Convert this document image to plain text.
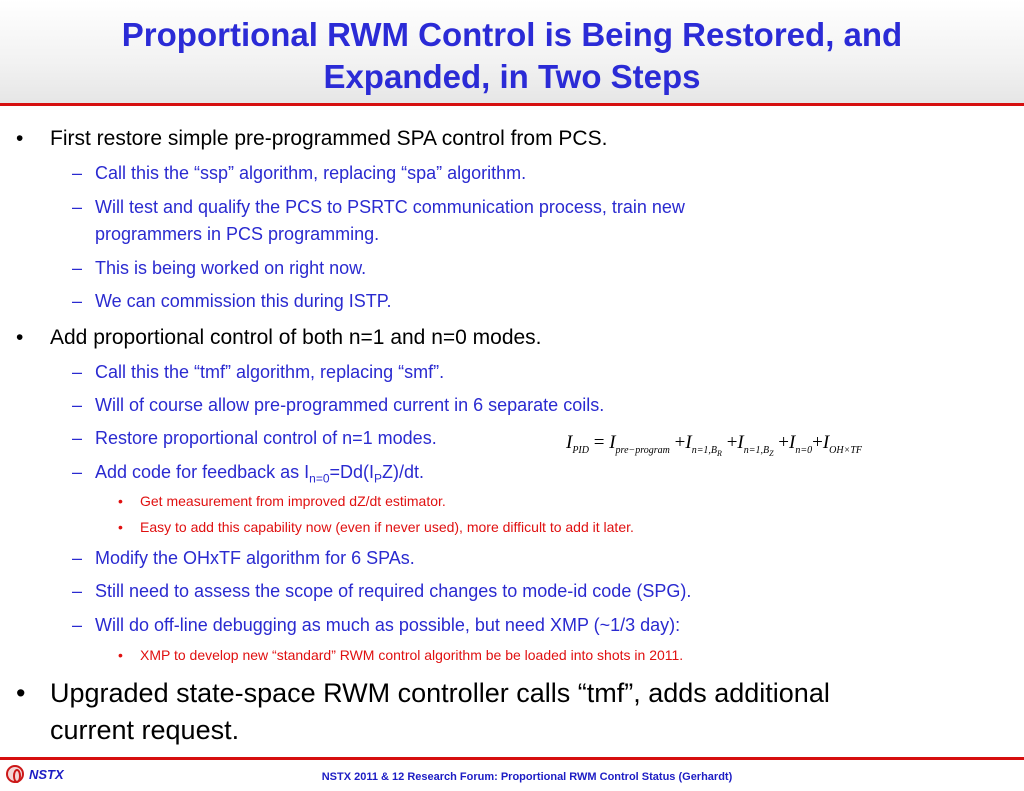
Proportional RWM Control is Being Restored, and
Expanded, in Two Steps
• First restore simple pre-programmed SPA control from PCS.
– Call this the “ssp” algorithm, replacing “spa” algorithm.
– Will test and qualify the PCS to PSRTC communication process, train new
programmers in PCS programming.
– This is being worked on right now.
– We can commission this during ISTP.
• Add proportional control of both n=1 and n=0 modes.
– Call this the “tmf” algorithm, replacing “smf”.
– Will of course allow pre-programmed current in 6 separate coils.
– Restore proportional control of n=1 modes.
– Add code for feedback as $I_{n=0}=Dd(I_PZ)/dt$.
• Get measurement from improved dZ/dt estimator.
• Easy to add this capability now (even if never used), more difficult to add it later.
– Modify the OHxTF algorithm for 6 SPAs.
– Still need to assess the scope of required changes to mode-id code (SPG).
– Will do off-line debugging as much as possible, but need XMP (~1/3 day):
• XMP to develop new “standard” RWM control algorithm be be loaded into shots in 2011.
• Upgraded state-space RWM controller calls “tmf”, adds additional
current request.
$I_{PID} = I_{pre-program} +I_{n=1,B_R} +I_{n=1,B_Z} +I_{n=0}+I_{OH\times TF}$
NSTX	NSTX 2011 & 12 Research Forum: Proportional RWM Control Status (Gerhardt)
